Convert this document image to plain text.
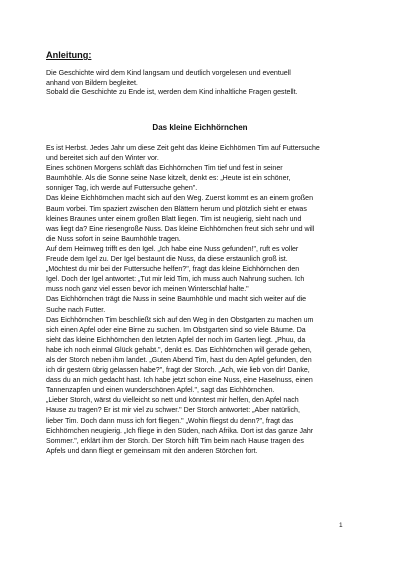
Anleitung:

Die Geschichte wird dem Kind langsam und deutlich vorgelesen und eventuell

anhand von Bildern begleitet.

Sobald die Geschichte zu Ende ist, werden dem Kind inhaltliche Fragen gestellt.

Das kleine Eichhörnchen

Es ist Herbst. Jedes Jahr um diese Zeit geht das kleine Eichhörnen Tim auf Futtersuche

und bereitet sich auf den Winter vor.

Eines schönen Morgens schläft das Eichhörnchen Tim tief und fest in seiner

Baumhöhle. Als die Sonne seine Nase kitzelt, denkt es: „Heute ist ein schöner,

sonniger Tag, ich werde auf Futtersuche gehen".

Das kleine Eichhörnchen macht sich auf den Weg. Zuerst kommt es an einem großen

Baum vorbei. Tim spaziert zwischen den Blättern herum und plötzlich sieht er etwas

kleines Braunes unter einem großen Blatt liegen. Tim ist neugierig, sieht nach und

was liegt da? Eine riesengroße Nuss. Das kleine Eichhörnchen freut sich sehr und will

die Nuss sofort in seine Baumhöhle tragen.

Auf dem Heimweg trifft es den Igel. „Ich habe eine Nuss gefunden!", ruft es voller

Freude dem Igel zu. Der Igel bestaunt die Nuss, da diese erstaunlich groß ist.

„Möchtest du mir bei der Futtersuche helfen?", fragt das kleine Eichhörnchen den

Igel. Doch der Igel antwortet: „Tut mir leid Tim, ich muss auch Nahrung suchen. Ich

muss noch ganz viel essen bevor ich meinen Winterschlaf halte."

Das Eichhörnchen trägt die Nuss in seine Baumhöhle und macht sich weiter auf die

Suche nach Futter.

Das Eichhörnchen Tim beschließt sich auf den Weg in den Obstgarten zu machen um

sich einen Apfel oder eine Birne zu suchen. Im Obstgarten sind so viele Bäume. Da

sieht das kleine Eichhörnchen den letzten Apfel der noch im Garten liegt. „Phuu, da

habe ich noch einmal Glück gehabt.", denkt es. Das Eichhörnchen will gerade gehen,

als der Storch neben ihm landet. „Guten Abend Tim, hast du den Apfel gefunden, den

ich dir gestern übrig gelassen habe?", fragt der Storch. „Ach, wie lieb von dir! Danke,

dass du an mich gedacht hast. Ich habe jetzt schon eine Nuss, eine Haselnuss, einen

Tannenzapfen und einen wunderschönen Apfel.", sagt das Eichhörnchen.

„Lieber Storch, wärst du vielleicht so nett und könntest mir helfen, den Apfel nach

Hause zu tragen? Er ist mir viel zu schwer." Der Storch antwortet: „Aber natürlich,

lieber Tim. Doch dann muss ich fort fliegen." „Wohin fliegst du denn?", fragt das

Eichhörnchen neugierig. „Ich fliege in den Süden, nach Afrika. Dort ist das ganze Jahr

Sommer.", erklärt ihm der Storch. Der Storch hilft Tim beim nach Hause tragen des

Apfels und dann fliegt er gemeinsam mit den anderen Störchen fort.

1
